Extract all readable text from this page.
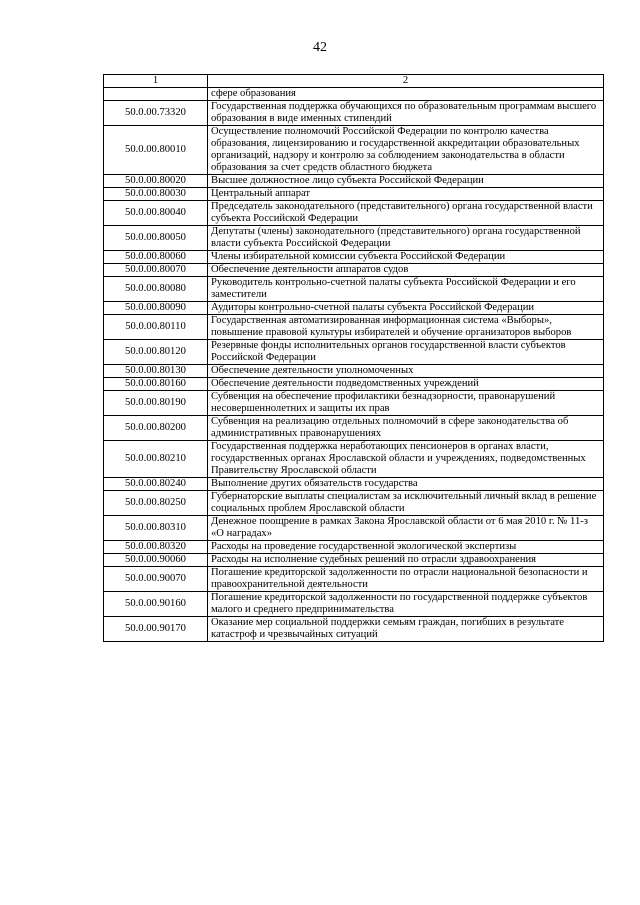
42
1	2
	сфере образования
50.0.00.73320	Государственная поддержка обучающихся по образовательным программам высшего образования в виде именных стипендий
50.0.00.80010	Осуществление полномочий Российской Федерации по контролю качества образования, лицензированию и государственной аккредитации образовательных организаций, надзору и контролю за соблюдением законодательства в области образования за счет средств областного бюджета
50.0.00.80020	Высшее должностное лицо субъекта Российской Федерации
50.0.00.80030	Центральный аппарат
50.0.00.80040	Председатель законодательного (представительного) органа государственной власти субъекта Российской Федерации
50.0.00.80050	Депутаты (члены) законодательного (представительного) органа государственной власти субъекта Российской Федерации
50.0.00.80060	Члены избирательной комиссии субъекта Российской Федерации
50.0.00.80070	Обеспечение деятельности аппаратов судов
50.0.00.80080	Руководитель контрольно-счетной палаты субъекта Российской Федерации и его заместители
50.0.00.80090	Аудиторы контрольно-счетной палаты субъекта Российской Федерации
50.0.00.80110	Государственная автоматизированная информационная система «Выборы», повышение правовой культуры избирателей и обучение организаторов выборов
50.0.00.80120	Резервные фонды исполнительных органов государственной власти субъектов Российской Федерации
50.0.00.80130	Обеспечение деятельности уполномоченных
50.0.00.80160	Обеспечение деятельности подведомственных учреждений
50.0.00.80190	Субвенция на обеспечение профилактики безнадзорности, правонарушений несовершеннолетних и защиты их прав
50.0.00.80200	Субвенция на реализацию отдельных полномочий в сфере законодательства об административных правонарушениях
50.0.00.80210	Государственная поддержка неработающих пенсионеров в органах власти, государственных органах Ярославской области и учреждениях, подведомственных Правительству Ярославской области
50.0.00.80240	Выполнение других обязательств государства
50.0.00.80250	Губернаторские выплаты специалистам за исключительный личный вклад в решение социальных проблем Ярославской области
50.0.00.80310	Денежное поощрение в рамках Закона Ярославской области от 6 мая 2010 г. № 11-з «О наградах»
50.0.00.80320	Расходы на проведение государственной экологической экспертизы
50.0.00.90060	Расходы на исполнение судебных решений по отрасли здравоохранения
50.0.00.90070	Погашение кредиторской задолженности по отрасли национальной безопасности и правоохранительной деятельности
50.0.00.90160	Погашение кредиторской задолженности по государственной поддержке субъектов малого и среднего предпринимательства
50.0.00.90170	Оказание мер социальной поддержки семьям граждан, погибших в результате катастроф и чрезвычайных ситуаций
